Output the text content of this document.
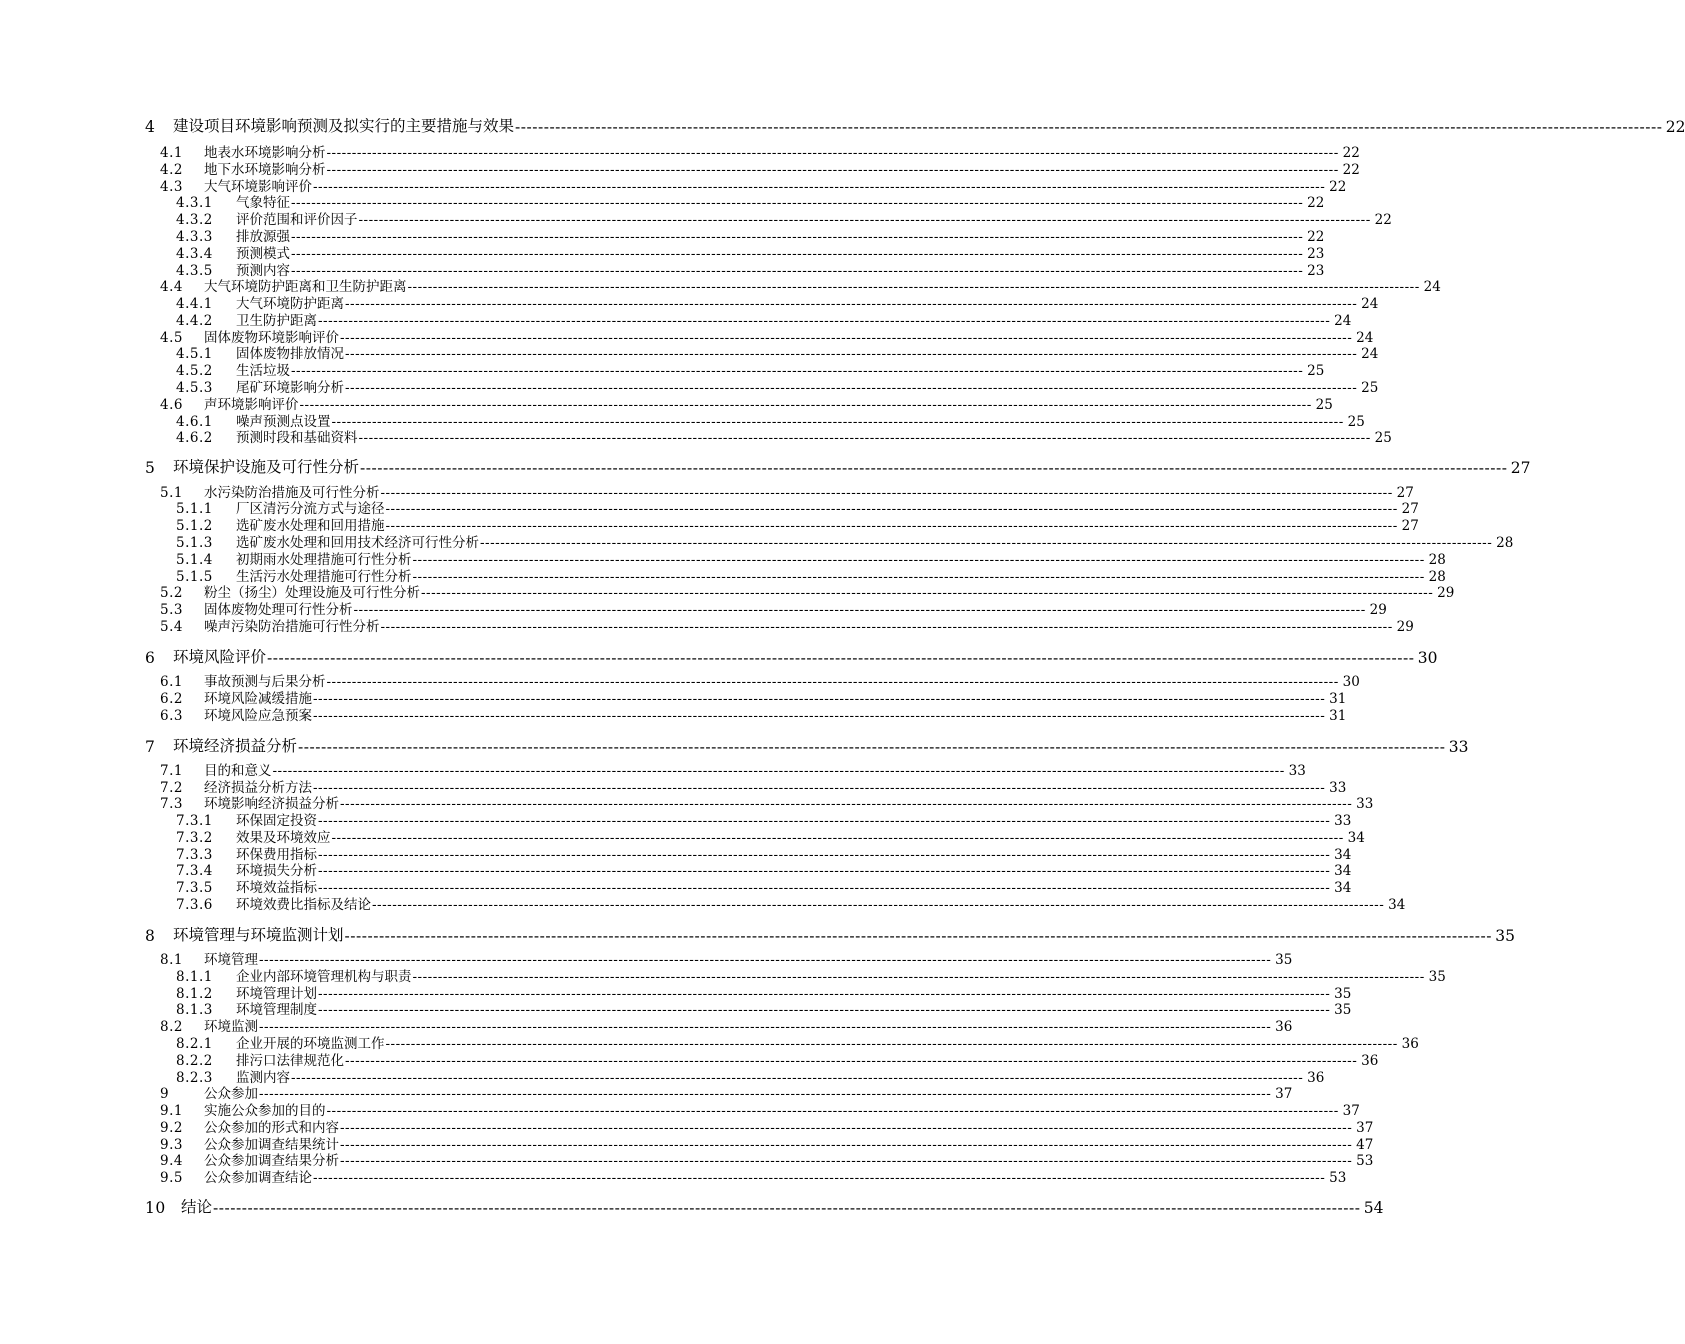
4	建设项目环境影响预测及拟实行的主要措施与效果 -------------------------------------------------------------------------------------------------------------------------------------------------------------------------------------------------------- 22
4.1	地表水环境影响分析 -------------------------------------------------------------------------------------------------------------------------------------------------------------------------------------------------------- 22
4.2	地下水环境影响分析 -------------------------------------------------------------------------------------------------------------------------------------------------------------------------------------------------------- 22
4.3	大气环境影响评价 -------------------------------------------------------------------------------------------------------------------------------------------------------------------------------------------------------- 22
4.3.1	气象特征 -------------------------------------------------------------------------------------------------------------------------------------------------------------------------------------------------------- 22
4.3.2	评价范围和评价因子 -------------------------------------------------------------------------------------------------------------------------------------------------------------------------------------------------------- 22
4.3.3	排放源强 -------------------------------------------------------------------------------------------------------------------------------------------------------------------------------------------------------- 22
4.3.4	预测模式 -------------------------------------------------------------------------------------------------------------------------------------------------------------------------------------------------------- 23
4.3.5	预测内容 -------------------------------------------------------------------------------------------------------------------------------------------------------------------------------------------------------- 23
4.4	大气环境防护距离和卫生防护距离 -------------------------------------------------------------------------------------------------------------------------------------------------------------------------------------------------------- 24
4.4.1	大气环境防护距离 -------------------------------------------------------------------------------------------------------------------------------------------------------------------------------------------------------- 24
4.4.2	卫生防护距离 -------------------------------------------------------------------------------------------------------------------------------------------------------------------------------------------------------- 24
4.5	固体废物环境影响评价 -------------------------------------------------------------------------------------------------------------------------------------------------------------------------------------------------------- 24
4.5.1	固体废物排放情况 -------------------------------------------------------------------------------------------------------------------------------------------------------------------------------------------------------- 24
4.5.2	生活垃圾 -------------------------------------------------------------------------------------------------------------------------------------------------------------------------------------------------------- 25
4.5.3	尾矿环境影响分析 -------------------------------------------------------------------------------------------------------------------------------------------------------------------------------------------------------- 25
4.6	声环境影响评价 -------------------------------------------------------------------------------------------------------------------------------------------------------------------------------------------------------- 25
4.6.1	噪声预测点设置 -------------------------------------------------------------------------------------------------------------------------------------------------------------------------------------------------------- 25
4.6.2	预测时段和基础资料 -------------------------------------------------------------------------------------------------------------------------------------------------------------------------------------------------------- 25
5	环境保护设施及可行性分析 -------------------------------------------------------------------------------------------------------------------------------------------------------------------------------------------------------- 27
5.1	水污染防治措施及可行性分析 -------------------------------------------------------------------------------------------------------------------------------------------------------------------------------------------------------- 27
5.1.1	厂区清污分流方式与途径 -------------------------------------------------------------------------------------------------------------------------------------------------------------------------------------------------------- 27
5.1.2	选矿废水处理和回用措施 -------------------------------------------------------------------------------------------------------------------------------------------------------------------------------------------------------- 27
5.1.3	选矿废水处理和回用技术经济可行性分析 -------------------------------------------------------------------------------------------------------------------------------------------------------------------------------------------------------- 28
5.1.4	初期雨水处理措施可行性分析 -------------------------------------------------------------------------------------------------------------------------------------------------------------------------------------------------------- 28
5.1.5	生活污水处理措施可行性分析 -------------------------------------------------------------------------------------------------------------------------------------------------------------------------------------------------------- 28
5.2	粉尘（扬尘）处理设施及可行性分析 -------------------------------------------------------------------------------------------------------------------------------------------------------------------------------------------------------- 29
5.3	固体废物处理可行性分析 -------------------------------------------------------------------------------------------------------------------------------------------------------------------------------------------------------- 29
5.4	噪声污染防治措施可行性分析 -------------------------------------------------------------------------------------------------------------------------------------------------------------------------------------------------------- 29
6	环境风险评价 -------------------------------------------------------------------------------------------------------------------------------------------------------------------------------------------------------- 30
6.1	事故预测与后果分析 -------------------------------------------------------------------------------------------------------------------------------------------------------------------------------------------------------- 30
6.2	环境风险减缓措施 -------------------------------------------------------------------------------------------------------------------------------------------------------------------------------------------------------- 31
6.3	环境风险应急预案 -------------------------------------------------------------------------------------------------------------------------------------------------------------------------------------------------------- 31
7	环境经济损益分析 -------------------------------------------------------------------------------------------------------------------------------------------------------------------------------------------------------- 33
7.1	目的和意义 -------------------------------------------------------------------------------------------------------------------------------------------------------------------------------------------------------- 33
7.2	经济损益分析方法 -------------------------------------------------------------------------------------------------------------------------------------------------------------------------------------------------------- 33
7.3	环境影响经济损益分析 -------------------------------------------------------------------------------------------------------------------------------------------------------------------------------------------------------- 33
7.3.1	环保固定投资 -------------------------------------------------------------------------------------------------------------------------------------------------------------------------------------------------------- 33
7.3.2	效果及环境效应 -------------------------------------------------------------------------------------------------------------------------------------------------------------------------------------------------------- 34
7.3.3	环保费用指标 -------------------------------------------------------------------------------------------------------------------------------------------------------------------------------------------------------- 34
7.3.4	环境损失分析 -------------------------------------------------------------------------------------------------------------------------------------------------------------------------------------------------------- 34
7.3.5	环境效益指标 -------------------------------------------------------------------------------------------------------------------------------------------------------------------------------------------------------- 34
7.3.6	环境效费比指标及结论 -------------------------------------------------------------------------------------------------------------------------------------------------------------------------------------------------------- 34
8	环境管理与环境监测计划 -------------------------------------------------------------------------------------------------------------------------------------------------------------------------------------------------------- 35
8.1	环境管理 -------------------------------------------------------------------------------------------------------------------------------------------------------------------------------------------------------- 35
8.1.1	企业内部环境管理机构与职责 -------------------------------------------------------------------------------------------------------------------------------------------------------------------------------------------------------- 35
8.1.2	环境管理计划 -------------------------------------------------------------------------------------------------------------------------------------------------------------------------------------------------------- 35
8.1.3	环境管理制度 -------------------------------------------------------------------------------------------------------------------------------------------------------------------------------------------------------- 35
8.2	环境监测 -------------------------------------------------------------------------------------------------------------------------------------------------------------------------------------------------------- 36
8.2.1	企业开展的环境监测工作 -------------------------------------------------------------------------------------------------------------------------------------------------------------------------------------------------------- 36
8.2.2	排污口法律规范化 -------------------------------------------------------------------------------------------------------------------------------------------------------------------------------------------------------- 36
8.2.3	监测内容 -------------------------------------------------------------------------------------------------------------------------------------------------------------------------------------------------------- 36
9	公众参加 -------------------------------------------------------------------------------------------------------------------------------------------------------------------------------------------------------- 37
9.1	实施公众参加的目的 -------------------------------------------------------------------------------------------------------------------------------------------------------------------------------------------------------- 37
9.2	公众参加的形式和内容 -------------------------------------------------------------------------------------------------------------------------------------------------------------------------------------------------------- 37
9.3	公众参加调查结果统计 -------------------------------------------------------------------------------------------------------------------------------------------------------------------------------------------------------- 47
9.4	公众参加调查结果分析 -------------------------------------------------------------------------------------------------------------------------------------------------------------------------------------------------------- 53
9.5	公众参加调查结论 -------------------------------------------------------------------------------------------------------------------------------------------------------------------------------------------------------- 53
10 结论 -------------------------------------------------------------------------------------------------------------------------------------------------------------------------------------------------------- 54
